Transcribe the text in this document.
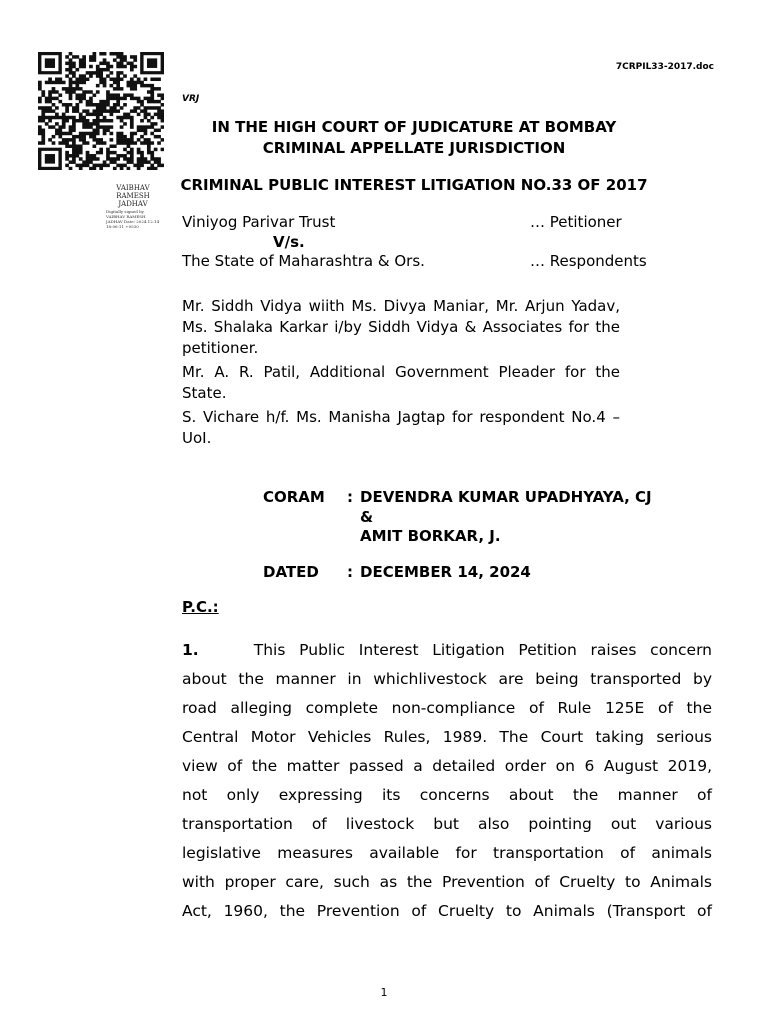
VAIBHAV
RAMESH
JADHAV
Digitally signed by VAIBHAV RAMESH JADHAV Date: 2024.12.14 18:06:11 +0530
7CRPIL33-2017.doc
VRJ
IN THE HIGH COURT OF JUDICATURE AT BOMBAY
CRIMINAL APPELLATE JURISDICTION
CRIMINAL PUBLIC INTEREST LITIGATION NO.33 OF 2017
Viniyog Parivar Trust	… Petitioner
V/s.
The State of Maharashtra & Ors.	… Respondents
Mr. Siddh Vidya wiith Ms. Divya Maniar, Mr. Arjun Yadav, Ms. Shalaka Karkar i/by Siddh Vidya & Associates for the petitioner.
Mr. A. R. Patil, Additional Government Pleader for the State.
S. Vichare h/f. Ms. Manisha Jagtap for respondent No.4 – UoI.
CORAM : DEVENDRA KUMAR UPADHYAYA, CJ
&
AMIT BORKAR, J.
DATED : DECEMBER 14, 2024
P.C.:
1.	This Public Interest Litigation Petition raises concern
about the manner in whichlivestock are being transported by
road alleging complete non-compliance of Rule 125E of the
Central Motor Vehicles Rules, 1989. The Court taking serious
view of the matter passed a detailed order on 6 August 2019,
not only expressing its concerns about the manner of
transportation of livestock but also pointing out various
legislative measures available for transportation of animals
with proper care, such as the Prevention of Cruelty to Animals
Act, 1960, the Prevention of Cruelty to Animals (Transport of
1
